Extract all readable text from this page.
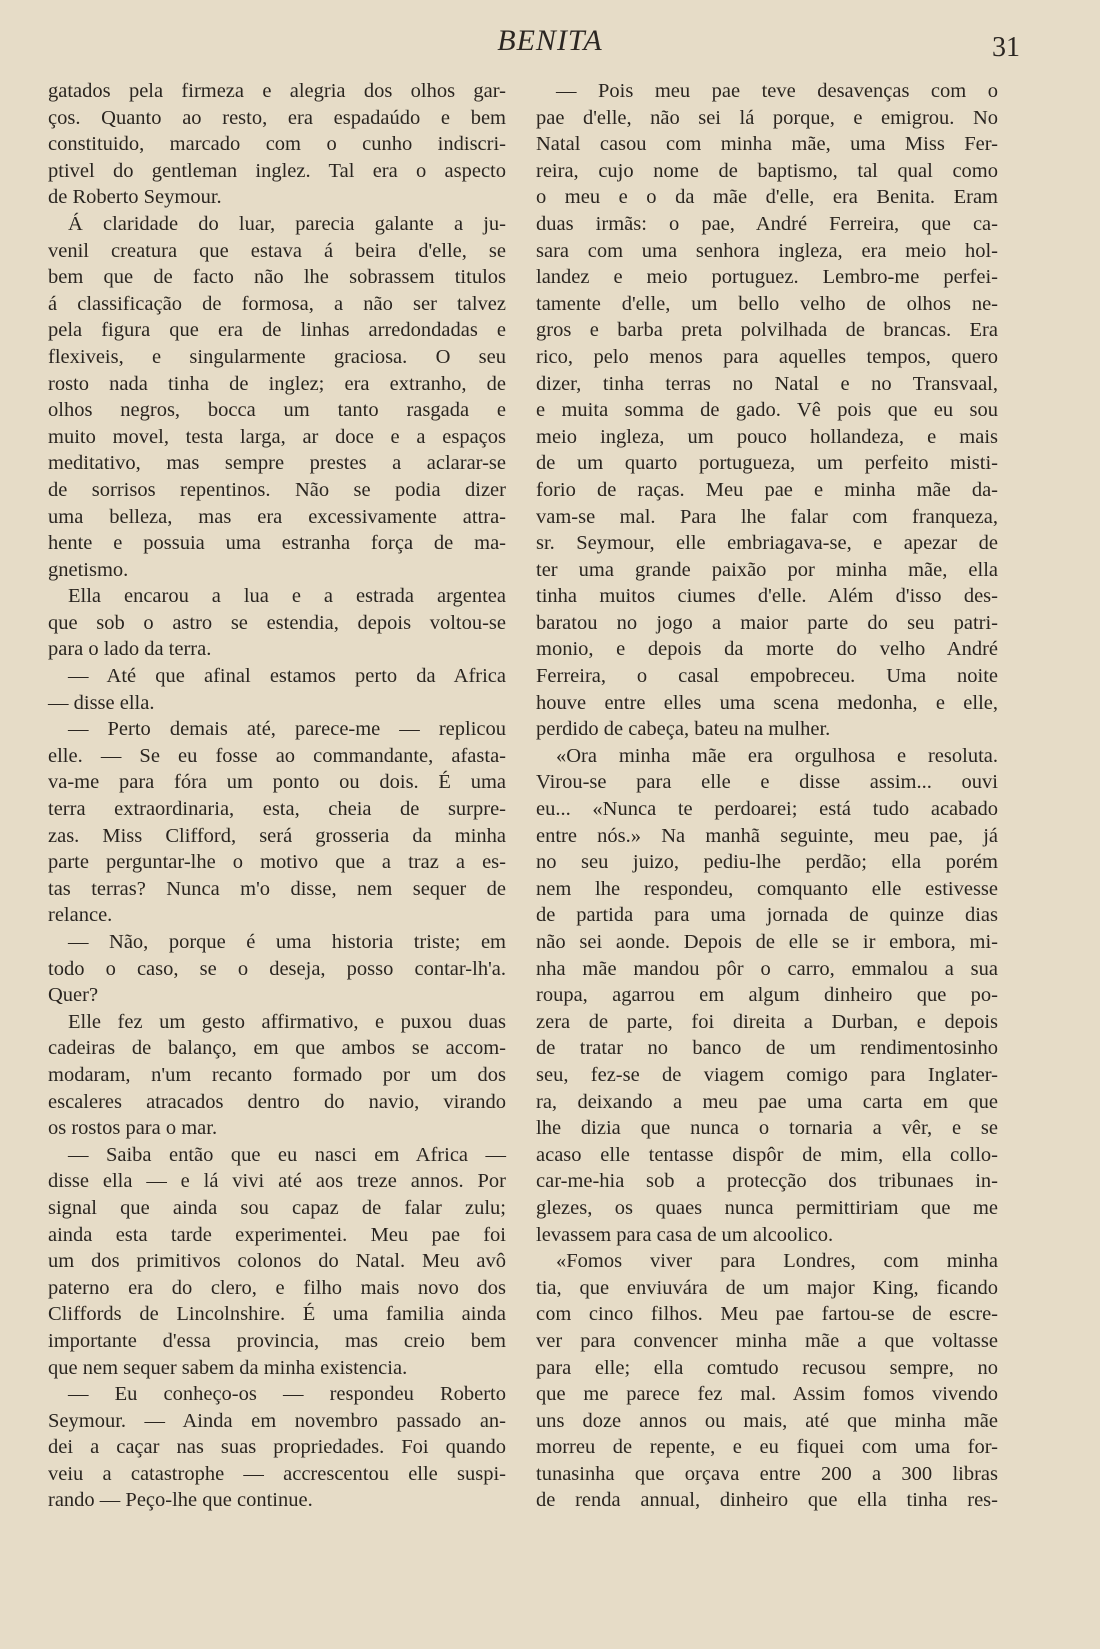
BENITA	31
gatados pela firmeza e alegria dos olhos gar-
ços. Quanto ao resto, era espadaúdo e bem
constituido, marcado com o cunho indiscri-
ptivel do gentleman inglez. Tal era o aspecto
de Roberto Seymour.
Á claridade do luar, parecia galante a ju-
venil creatura que estava á beira d'elle, se
bem que de facto não lhe sobrassem titulos
á classificação de formosa, a não ser talvez
pela figura que era de linhas arredondadas e
flexiveis, e singularmente graciosa. O seu
rosto nada tinha de inglez; era extranho, de
olhos negros, bocca um tanto rasgada e
muito movel, testa larga, ar doce e a espaços
meditativo, mas sempre prestes a aclarar-se
de sorrisos repentinos. Não se podia dizer
uma belleza, mas era excessivamente attra-
hente e possuia uma estranha força de ma-
gnetismo.
Ella encarou a lua e a estrada argentea
que sob o astro se estendia, depois voltou-se
para o lado da terra.
— Até que afinal estamos perto da Africa
— disse ella.
— Perto demais até, parece-me — replicou
elle. — Se eu fosse ao commandante, afasta-
va-me para fóra um ponto ou dois. É uma
terra extraordinaria, esta, cheia de surpre-
zas. Miss Clifford, será grosseria da minha
parte perguntar-lhe o motivo que a traz a es-
tas terras? Nunca m'o disse, nem sequer de
relance.
— Não, porque é uma historia triste; em
todo o caso, se o deseja, posso contar-lh'a.
Quer?
Elle fez um gesto affirmativo, e puxou duas
cadeiras de balanço, em que ambos se accom-
modaram, n'um recanto formado por um dos
escaleres atracados dentro do navio, virando
os rostos para o mar.
— Saiba então que eu nasci em Africa —
disse ella — e lá vivi até aos treze annos. Por
signal que ainda sou capaz de falar zulu;
ainda esta tarde experimentei. Meu pae foi
um dos primitivos colonos do Natal. Meu avô
paterno era do clero, e filho mais novo dos
Cliffords de Lincolnshire. É uma familia ainda
importante d'essa provincia, mas creio bem
que nem sequer sabem da minha existencia.
— Eu conheço-os — respondeu Roberto
Seymour. — Ainda em novembro passado an-
dei a caçar nas suas propriedades. Foi quando
veiu a catastrophe — accrescentou elle suspi-
rando — Peço-lhe que continue.
— Pois meu pae teve desavenças com o
pae d'elle, não sei lá porque, e emigrou. No
Natal casou com minha mãe, uma Miss Fer-
reira, cujo nome de baptismo, tal qual como
o meu e o da mãe d'elle, era Benita. Eram
duas irmãs: o pae, André Ferreira, que ca-
sara com uma senhora ingleza, era meio hol-
landez e meio portuguez. Lembro-me perfei-
tamente d'elle, um bello velho de olhos ne-
gros e barba preta polvilhada de brancas. Era
rico, pelo menos para aquelles tempos, quero
dizer, tinha terras no Natal e no Transvaal,
e muita somma de gado. Vê pois que eu sou
meio ingleza, um pouco hollandeza, e mais
de um quarto portugueza, um perfeito misti-
forio de raças. Meu pae e minha mãe da-
vam-se mal. Para lhe falar com franqueza,
sr. Seymour, elle embriagava-se, e apezar de
ter uma grande paixão por minha mãe, ella
tinha muitos ciumes d'elle. Além d'isso des-
baratou no jogo a maior parte do seu patri-
monio, e depois da morte do velho André
Ferreira, o casal empobreceu. Uma noite
houve entre elles uma scena medonha, e elle,
perdido de cabeça, bateu na mulher.
«Ora minha mãe era orgulhosa e resoluta.
Virou-se para elle e disse assim... ouvi
eu... «Nunca te perdoarei; está tudo acabado
entre nós.» Na manhã seguinte, meu pae, já
no seu juizo, pediu-lhe perdão; ella porém
nem lhe respondeu, comquanto elle estivesse
de partida para uma jornada de quinze dias
não sei aonde. Depois de elle se ir embora, mi-
nha mãe mandou pôr o carro, emmalou a sua
roupa, agarrou em algum dinheiro que po-
zera de parte, foi direita a Durban, e depois
de tratar no banco de um rendimentosinho
seu, fez-se de viagem comigo para Inglater-
ra, deixando a meu pae uma carta em que
lhe dizia que nunca o tornaria a vêr, e se
acaso elle tentasse dispôr de mim, ella collo-
car-me-hia sob a protecção dos tribunaes in-
glezes, os quaes nunca permittiriam que me
levassem para casa de um alcoolico.
«Fomos viver para Londres, com minha
tia, que enviuvára de um major King, ficando
com cinco filhos. Meu pae fartou-se de escre-
ver para convencer minha mãe a que voltasse
para elle; ella comtudo recusou sempre, no
que me parece fez mal. Assim fomos vivendo
uns doze annos ou mais, até que minha mãe
morreu de repente, e eu fiquei com uma for-
tunasinha que orçava entre 200 a 300 libras
de renda annual, dinheiro que ella tinha res-
